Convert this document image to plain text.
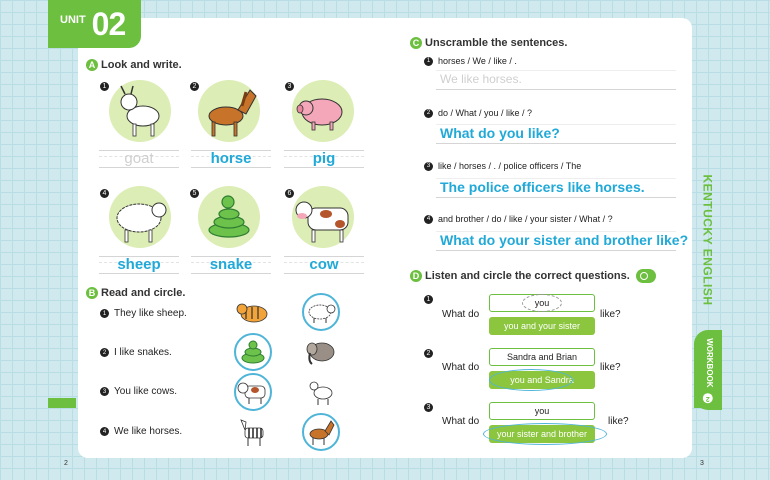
UNIT 02
A Look and write.
1
goat
2
horse
3
pig
4
sheep
5
snake
6
cow
B Read and circle.
1 They like sheep.
2 I like snakes.
3 You like cows.
4 We like horses.
C Unscramble the sentences.
1 horses / We / like / .
We like horses.
2 do / What / you / like / ?
What do you like?
3 like / horses / . / police officers / The
The police officers like horses.
4 and brother / do / like / your sister / What / ?
What do your sister and brother like?
D Listen and circle the correct questions.
1
What do
you
you and your sister
like?
2
What do
Sandra and Brian
you and Sandra
like?
3
What do
you
your sister and brother
like?
KENTUCKY ENGLISH
WORKBOOK 2
2	3
